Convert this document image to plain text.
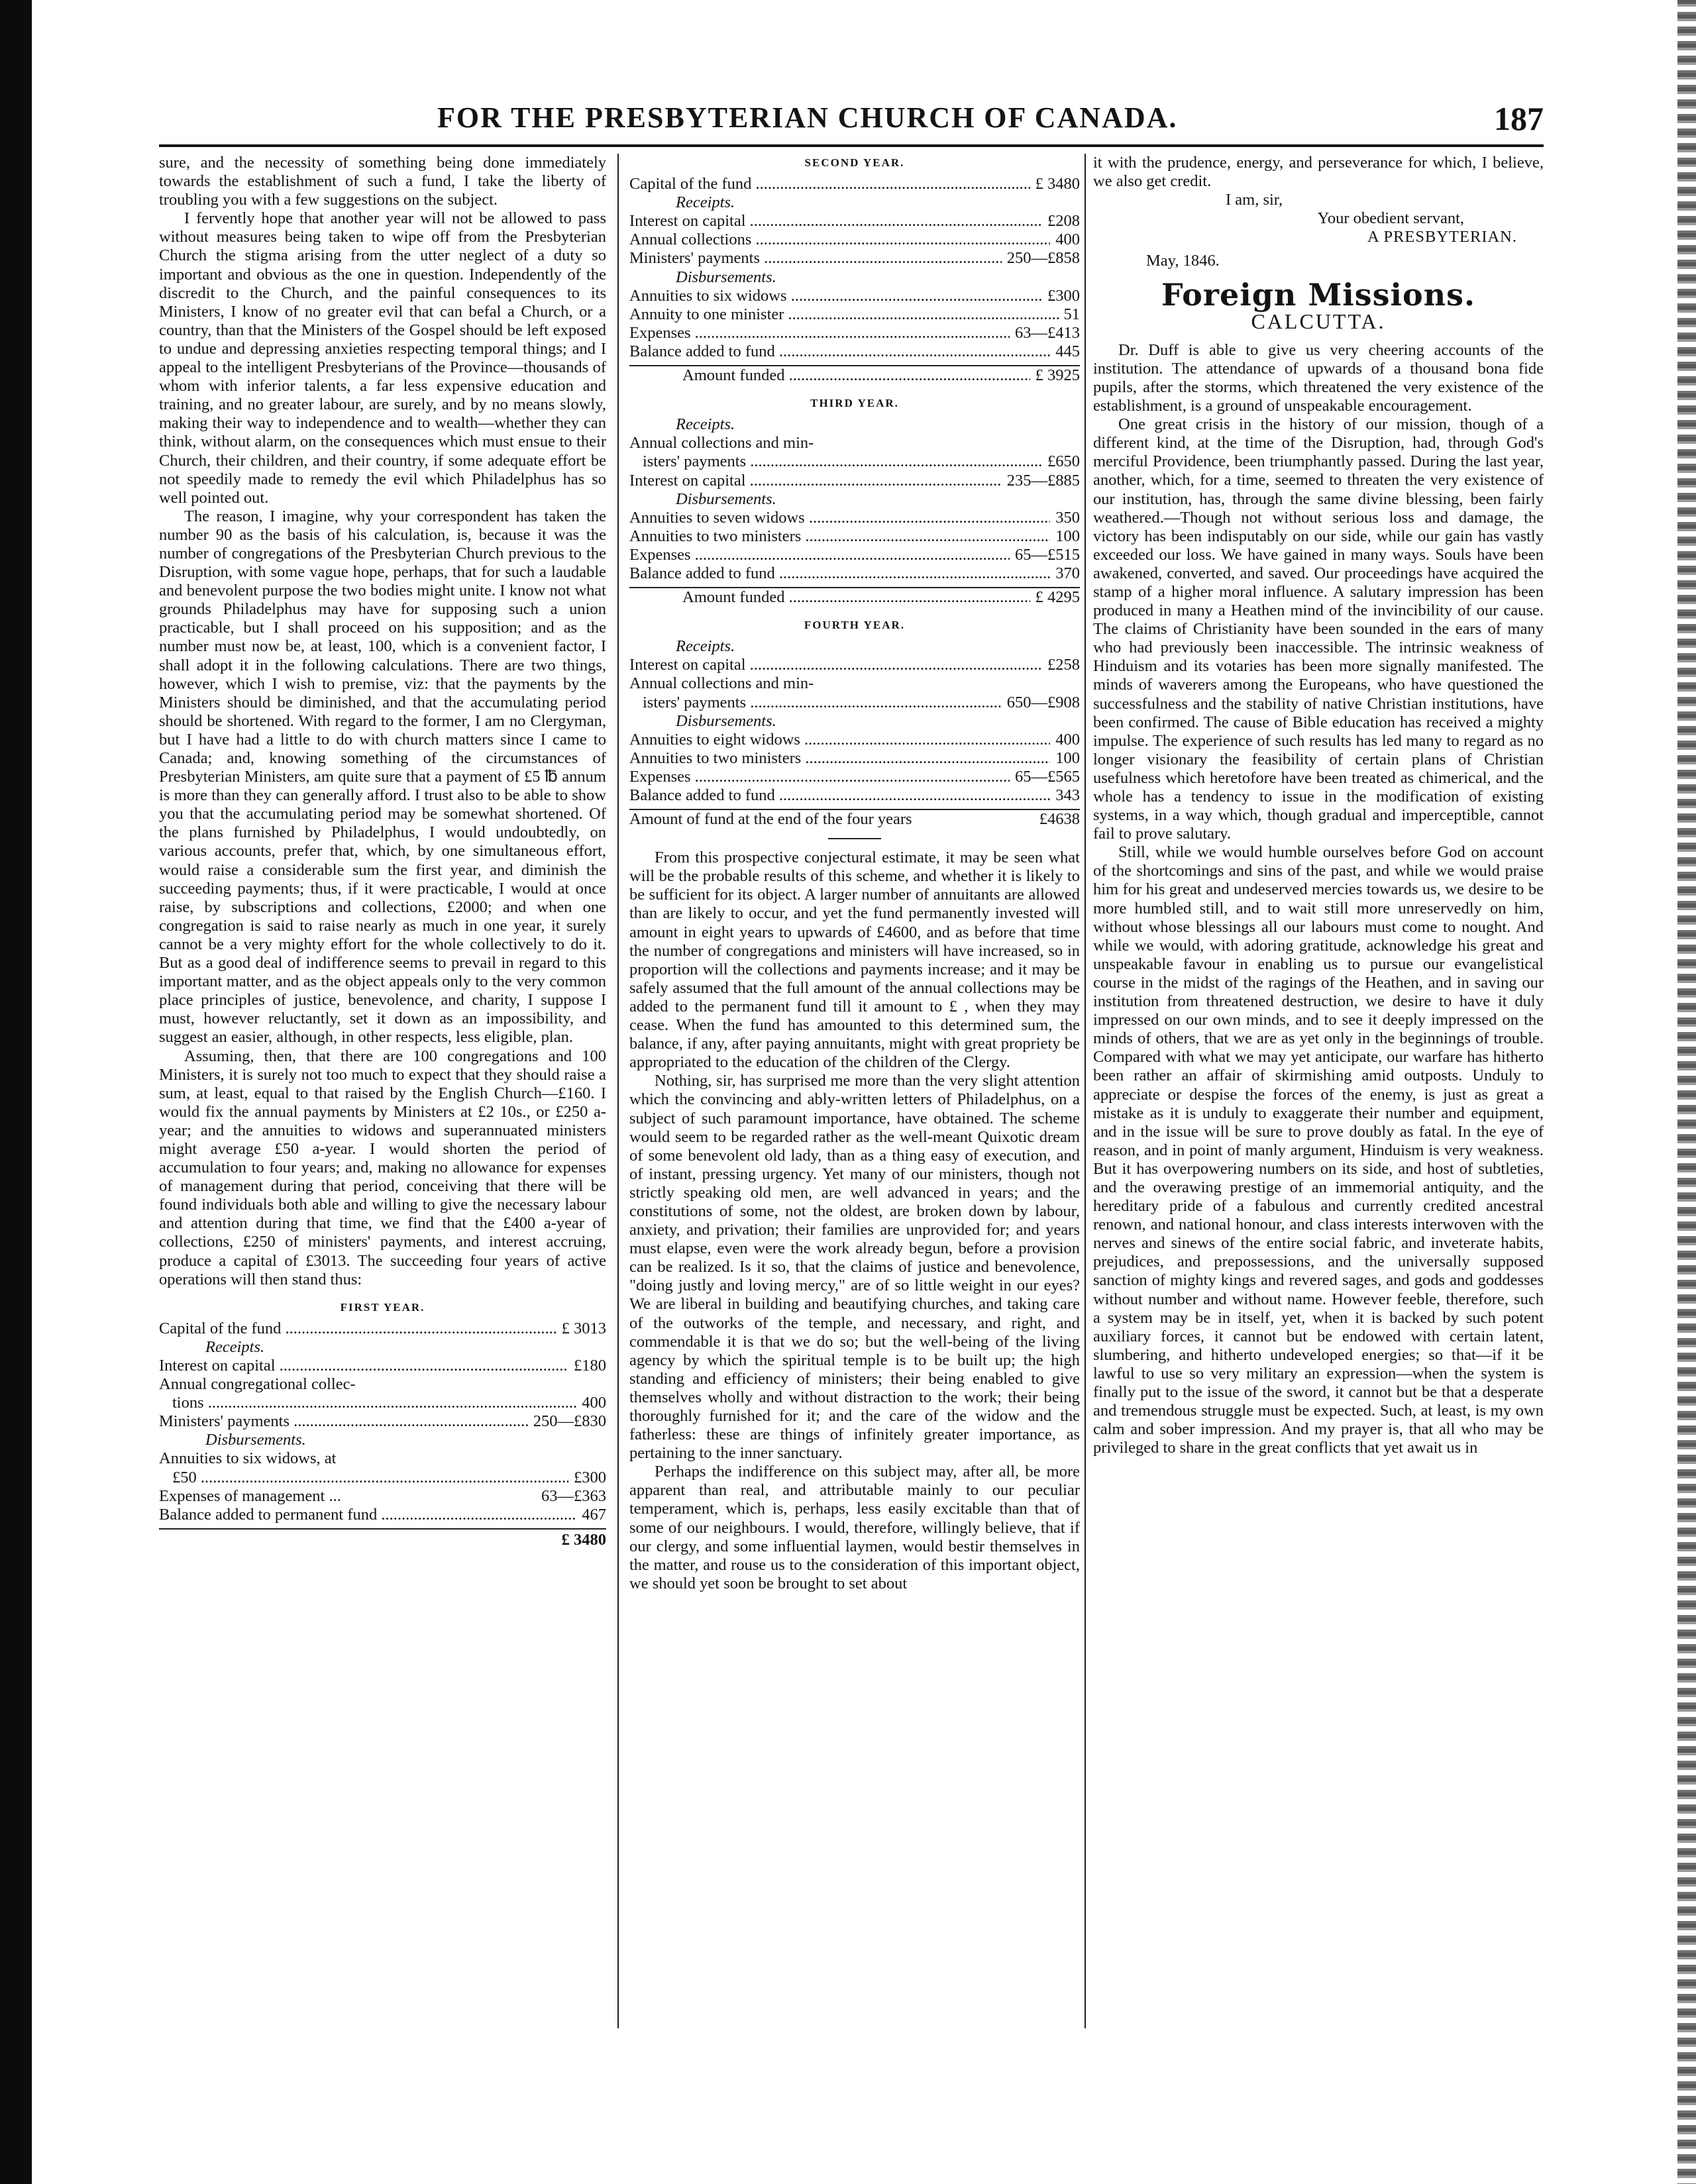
FOR THE PRESBYTERIAN CHURCH OF CANADA.	187

sure, and the necessity of something being done immediately towards the establishment of such a fund, I take the liberty of troubling you with a few suggestions on the subject.

I fervently hope that another year will not be allowed to pass without measures being taken to wipe off from the Presbyterian Church the stigma arising from the utter neglect of a duty so important and obvious as the one in question. Independently of the discredit to the Church, and the painful consequences to its Ministers, I know of no greater evil that can befal a Church, or a country, than that the Ministers of the Gospel should be left exposed to undue and depressing anxieties respecting temporal things; and I appeal to the intelligent Presbyterians of the Province—thousands of whom with inferior talents, a far less expensive education and training, and no greater labour, are surely, and by no means slowly, making their way to independence and to wealth—whether they can think, without alarm, on the consequences which must ensue to their Church, their children, and their country, if some adequate effort be not speedily made to remedy the evil which Philadelphus has so well pointed out.

The reason, I imagine, why your correspondent has taken the number 90 as the basis of his calculation, is, because it was the number of congregations of the Presbyterian Church previous to the Disruption, with some vague hope, perhaps, that for such a laudable and benevolent purpose the two bodies might unite. I know not what grounds Philadelphus may have for supposing such a union practicable, but I shall proceed on his supposition; and as the number must now be, at least, 100, which is a convenient factor, I shall adopt it in the following calculations. There are two things, however, which I wish to premise, viz: that the payments by the Ministers should be diminished, and that the accumulating period should be shortened. With regard to the former, I am no Clergyman, but I have had a little to do with church matters since I came to Canada; and, knowing something of the circumstances of Presbyterian Ministers, am quite sure that a payment of £5 ℔ annum is more than they can generally afford. I trust also to be able to show you that the accumulating period may be somewhat shortened. Of the plans furnished by Philadelphus, I would undoubtedly, on various accounts, prefer that, which, by one simultaneous effort, would raise a considerable sum the first year, and diminish the succeeding payments; thus, if it were practicable, I would at once raise, by subscriptions and collections, £2000; and when one congregation is said to raise nearly as much in one year, it surely cannot be a very mighty effort for the whole collectively to do it. But as a good deal of indifference seems to prevail in regard to this important matter, and as the object appeals only to the very common place principles of justice, benevolence, and charity, I suppose I must, however reluctantly, set it down as an impossibility, and suggest an easier, although, in other respects, less eligible, plan.

Assuming, then, that there are 100 congregations and 100 Ministers, it is surely not too much to expect that they should raise a sum, at least, equal to that raised by the English Church—£160. I would fix the annual payments by Ministers at £2 10s., or £250 a-year; and the annuities to widows and superannuated ministers might average £50 a-year. I would shorten the period of accumulation to four years; and, making no allowance for expenses of management during that period, conceiving that there will be found individuals both able and willing to give the necessary labour and attention during that time, we find that the £400 a-year of collections, £250 of ministers' payments, and interest accruing, produce a capital of £3013. The succeeding four years of active operations will then stand thus:

FIRST YEAR.
Capital of the fund .....	£ 3013
Receipts.
Interest on capital .....	£180
Annual congregational collec-
tions .....	400
Ministers' payments .....	250—£830
Disbursements.
Annuities to six widows, at
£50 .....	£300
Expenses of management ...	63—£363
Balance added to permanent fund .....	467
£ 3480
SECOND YEAR.
Capital of the fund .....	£ 3480
Receipts.
Interest on capital .....	£208
Annual collections .....	400
Ministers' payments .....	250—£858
Disbursements.
Annuities to six widows .....	£300
Annuity to one minister .....	51
Expenses .....	63—£413
Balance added to fund .....	445
Amount funded .....	£ 3925
THIRD YEAR.
Receipts.
Annual collections and min-
isters' payments .....	£650
Interest on capital .....	235—£885
Disbursements.
Annuities to seven widows .....	350
Annuities to two ministers .....	100
Expenses .....	65—£515
Balance added to fund .....	370
Amount funded .....	£ 4295
FOURTH YEAR.
Receipts.
Interest on capital .....	£258
Annual collections and min-
isters' payments .....	650—£908
Disbursements.
Annuities to eight widows .....	400
Annuities to two ministers .....	100
Expenses .....	65—£565
Balance added to fund .....	343
Amount of fund at the end of the four years	£4638

From this prospective conjectural estimate, it may be seen what will be the probable results of this scheme, and whether it is likely to be sufficient for its object. A larger number of annuitants are allowed than are likely to occur, and yet the fund permanently invested will amount in eight years to upwards of £4600, and as before that time the number of congregations and ministers will have increased, so in proportion will the collections and payments increase; and it may be safely assumed that the full amount of the annual collections may be added to the permanent fund till it amount to £ , when they may cease. When the fund has amounted to this determined sum, the balance, if any, after paying annuitants, might with great propriety be appropriated to the education of the children of the Clergy.

Nothing, sir, has surprised me more than the very slight attention which the convincing and ably-written letters of Philadelphus, on a subject of such paramount importance, have obtained. The scheme would seem to be regarded rather as the well-meant Quixotic dream of some benevolent old lady, than as a thing easy of execution, and of instant, pressing urgency. Yet many of our ministers, though not strictly speaking old men, are well advanced in years; and the constitutions of some, not the oldest, are broken down by labour, anxiety, and privation; their families are unprovided for; and years must elapse, even were the work already begun, before a provision can be realized. Is it so, that the claims of justice and benevolence, "doing justly and loving mercy," are of so little weight in our eyes? We are liberal in building and beautifying churches, and taking care of the outworks of the temple, and necessary, and right, and commendable it is that we do so; but the well-being of the living agency by which the spiritual temple is to be built up; the high standing and efficiency of ministers; their being enabled to give themselves wholly and without distraction to the work; their being thoroughly furnished for it; and the care of the widow and the fatherless: these are things of infinitely greater importance, as pertaining to the inner sanctuary.

Perhaps the indifference on this subject may, after all, be more apparent than real, and attributable mainly to our peculiar temperament, which is, perhaps, less easily excitable than that of some of our neighbours. I would, therefore, willingly believe, that if our clergy, and some influential laymen, would bestir themselves in the matter, and rouse us to the consideration of this important object, we should yet soon be brought to set about

it with the prudence, energy, and perseverance for which, I believe, we also get credit.

I am, sir,
Your obedient servant,
A PRESBYTERIAN.
May, 1846.
Foreign Missions.
CALCUTTA.

Dr. Duff is able to give us very cheering accounts of the institution. The attendance of upwards of a thousand bona fide pupils, after the storms, which threatened the very existence of the establishment, is a ground of unspeakable encouragement.

One great crisis in the history of our mission, though of a different kind, at the time of the Disruption, had, through God's merciful Providence, been triumphantly passed. During the last year, another, which, for a time, seemed to threaten the very existence of our institution, has, through the same divine blessing, been fairly weathered.—Though not without serious loss and damage, the victory has been indisputably on our side, while our gain has vastly exceeded our loss. We have gained in many ways. Souls have been awakened, converted, and saved. Our proceedings have acquired the stamp of a higher moral influence. A salutary impression has been produced in many a Heathen mind of the invincibility of our cause. The claims of Christianity have been sounded in the ears of many who had previously been inaccessible. The intrinsic weakness of Hinduism and its votaries has been more signally manifested. The minds of waverers among the Europeans, who have questioned the successfulness and the stability of native Christian institutions, have been confirmed. The cause of Bible education has received a mighty impulse. The experience of such results has led many to regard as no longer visionary the feasibility of certain plans of Christian usefulness which heretofore have been treated as chimerical, and the whole has a tendency to issue in the modification of existing systems, in a way which, though gradual and imperceptible, cannot fail to prove salutary.

Still, while we would humble ourselves before God on account of the shortcomings and sins of the past, and while we would praise him for his great and undeserved mercies towards us, we desire to be more humbled still, and to wait still more unreservedly on him, without whose blessings all our labours must come to nought. And while we would, with adoring gratitude, acknowledge his great and unspeakable favour in enabling us to pursue our evangelistical course in the midst of the ragings of the Heathen, and in saving our institution from threatened destruction, we desire to have it duly impressed on our own minds, and to see it deeply impressed on the minds of others, that we are as yet only in the beginnings of trouble. Compared with what we may yet anticipate, our warfare has hitherto been rather an affair of skirmishing amid outposts. Unduly to appreciate or despise the forces of the enemy, is just as great a mistake as it is unduly to exaggerate their number and equipment, and in the issue will be sure to prove doubly as fatal. In the eye of reason, and in point of manly argument, Hinduism is very weakness. But it has overpowering numbers on its side, and host of subtleties, and the overawing prestige of an immemorial antiquity, and the hereditary pride of a fabulous and currently credited ancestral renown, and national honour, and class interests interwoven with the nerves and sinews of the entire social fabric, and inveterate habits, prejudices, and prepossessions, and the universally supposed sanction of mighty kings and revered sages, and gods and goddesses without number and without name. However feeble, therefore, such a system may be in itself, yet, when it is backed by such potent auxiliary forces, it cannot but be endowed with certain latent, slumbering, and hitherto undeveloped energies; so that—if it be lawful to use so very military an expression—when the system is finally put to the issue of the sword, it cannot but be that a desperate and tremendous struggle must be expected. Such, at least, is my own calm and sober impression. And my prayer is, that all who may be privileged to share in the great conflicts that yet await us in
